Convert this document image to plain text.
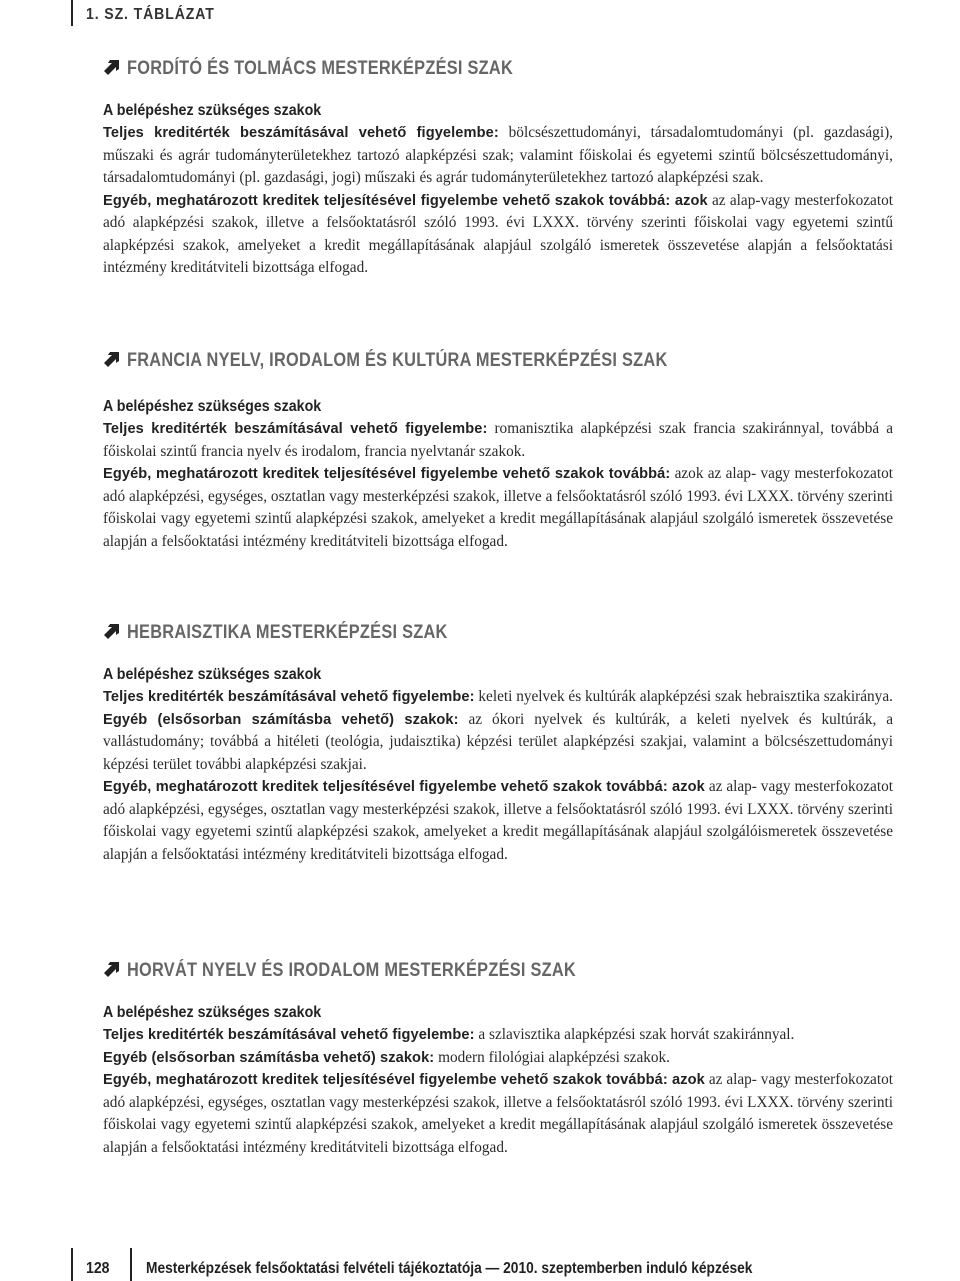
1. SZ. TÁBLÁZAT
FORDÍTÓ ÉS TOLMÁCS MESTERKÉPZÉSI SZAK
A belépéshez szükséges szakok

Teljes kreditérték beszámításával vehető figyelembe: bölcsészettudományi, társadalomtudományi (pl. gazdasági), műszaki és agrár tudományterületekhez tartozó alapképzési szak; valamint főiskolai és egyetemi szintű bölcsészettudományi, társadalomtudományi (pl. gazdasági, jogi) műszaki és agrár tudományterületekhez tartozó alapképzési szak.

Egyéb, meghatározott kreditek teljesítésével figyelembe vehető szakok továbbá: azok az alap-vagy mesterfokozatot adó alapképzési szakok, illetve a felsőoktatásról szóló 1993. évi LXXX. törvény szerinti főiskolai vagy egyetemi szintű alapképzési szakok, amelyeket a kredit megállapításának alapjául szolgáló ismeretek összevetése alapján a felsőoktatási intézmény kreditátviteli bizottsága elfogad.

FRANCIA NYELV, IRODALOM ÉS KULTÚRA MESTERKÉPZÉSI SZAK
A belépéshez szükséges szakok

Teljes kreditérték beszámításával vehető figyelembe: romanisztika alapképzési szak francia szakiránnyal, továbbá a főiskolai szintű francia nyelv és irodalom, francia nyelvtanár szakok.

Egyéb, meghatározott kreditek teljesítésével figyelembe vehető szakok továbbá: azok az alap- vagy mesterfokozatot adó alapképzési, egységes, osztatlan vagy mesterképzési szakok, illetve a felsőoktatásról szóló 1993. évi LXXX. törvény szerinti főiskolai vagy egyetemi szintű alapképzési szakok, amelyeket a kredit megállapításának alapjául szolgáló ismeretek összevetése alapján a felsőoktatási intézmény kreditátviteli bizottsága elfogad.

HEBRAISZTIKA MESTERKÉPZÉSI SZAK
A belépéshez szükséges szakok

Teljes kreditérték beszámításával vehető figyelembe: keleti nyelvek és kultúrák alapképzési szak hebraisztika szakiránya.

Egyéb (elsősorban számításba vehető) szakok: az ókori nyelvek és kultúrák, a keleti nyelvek és kultúrák, a vallástudomány; továbbá a hitéleti (teológia, judaisztika) képzési terület alapképzési szakjai, valamint a bölcsészettudományi képzési terület további alapképzési szakjai.

Egyéb, meghatározott kreditek teljesítésével figyelembe vehető szakok továbbá: azok az alap- vagy mesterfokozatot adó alapképzési, egységes, osztatlan vagy mesterképzési szakok, illetve a felsőoktatásról szóló 1993. évi LXXX. törvény szerinti főiskolai vagy egyetemi szintű alapképzési szakok, amelyeket a kredit megállapításának alapjául szolgálóismeretek összevetése alapján a felsőoktatási intézmény kreditátviteli bizottsága elfogad.

HORVÁT NYELV ÉS IRODALOM MESTERKÉPZÉSI SZAK
A belépéshez szükséges szakok

Teljes kreditérték beszámításával vehető figyelembe: a szlavisztika alapképzési szak horvát szakiránnyal.

Egyéb (elsősorban számításba vehető) szakok: modern filológiai alapképzési szakok.

Egyéb, meghatározott kreditek teljesítésével figyelembe vehető szakok továbbá: azok az alap- vagy mesterfokozatot adó alapképzési, egységes, osztatlan vagy mesterképzési szakok, illetve a felsőoktatásról szóló 1993. évi LXXX. törvény szerinti főiskolai vagy egyetemi szintű alapképzési szakok, amelyeket a kredit megállapításának alapjául szolgáló ismeretek összevetése alapján a felsőoktatási intézmény kreditátviteli bizottsága elfogad.

128 Mesterképzések felsőoktatási felvételi tájékoztatója — 2010. szeptemberben induló képzések
